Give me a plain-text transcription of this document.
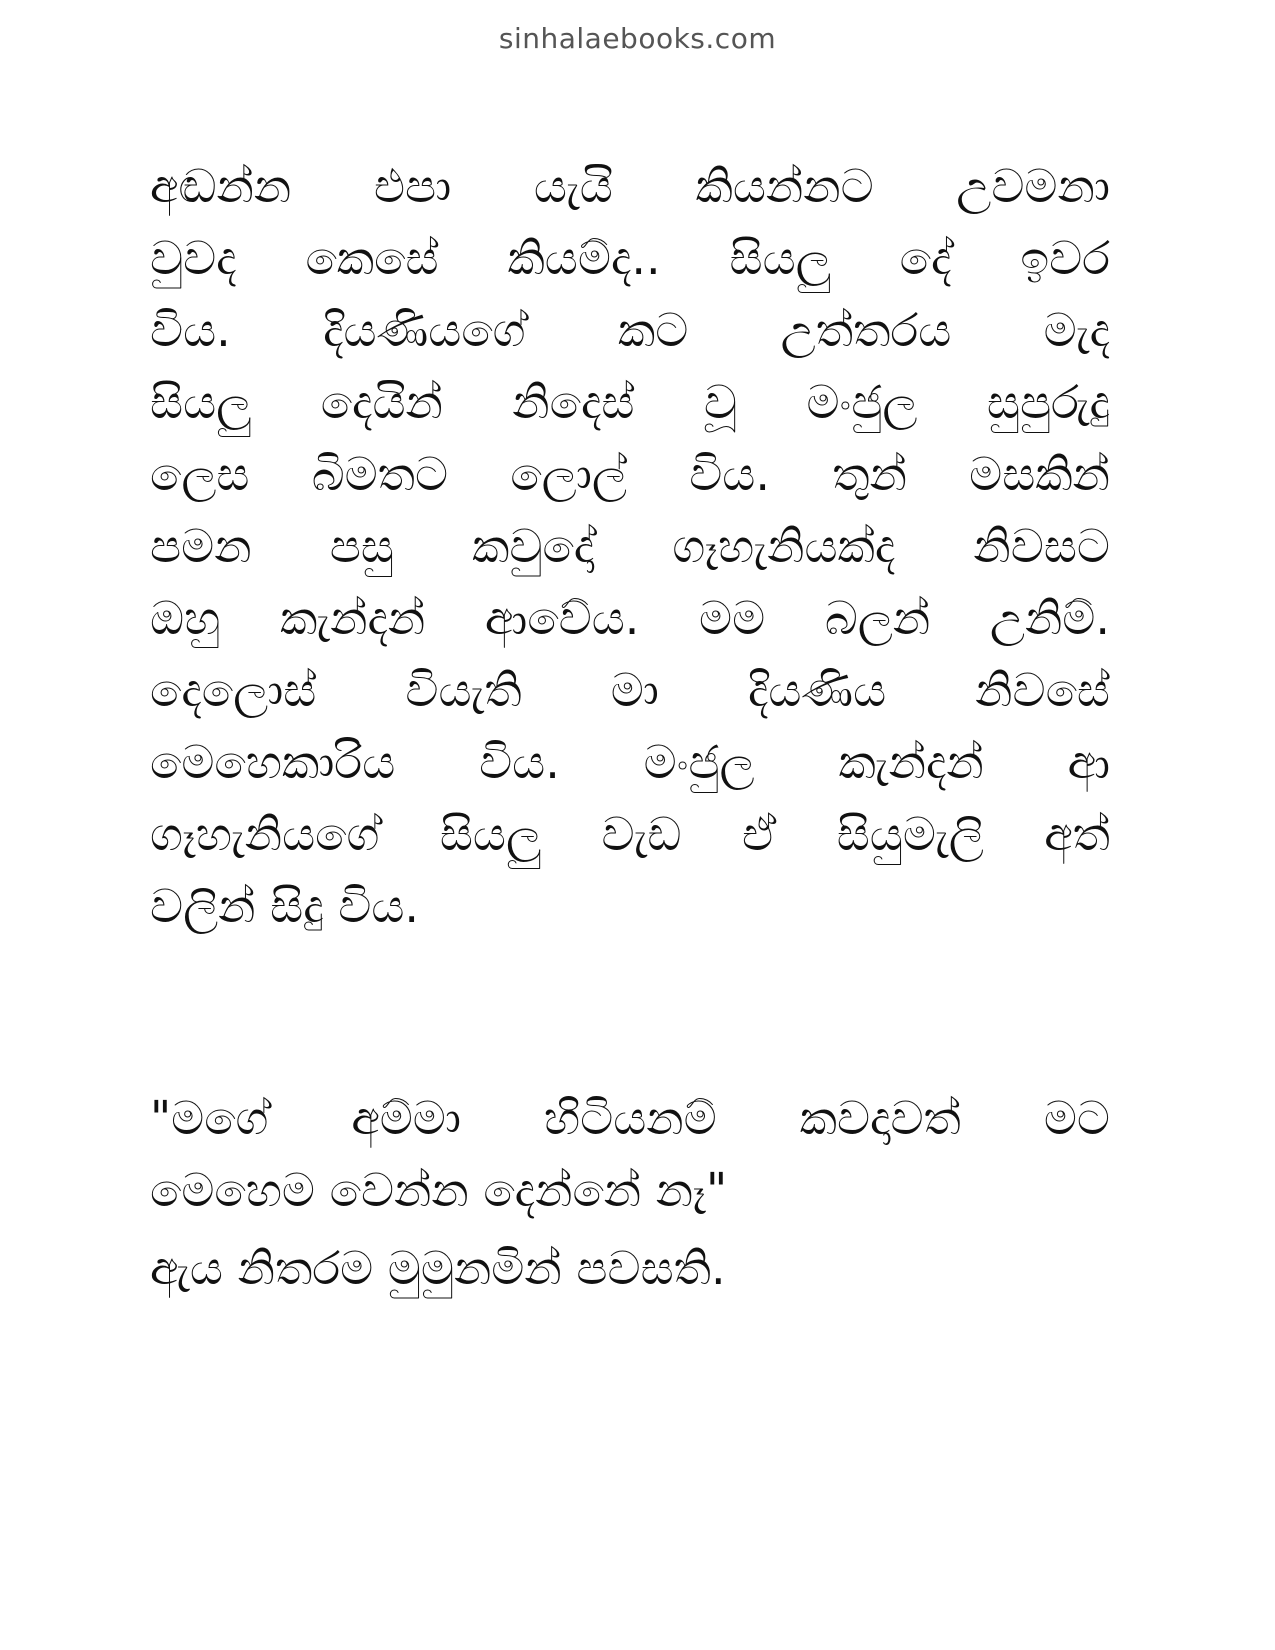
sinhalaebooks.com
අඬන්න එපා යැයි කියන්නට උවමනා
වුවද කෙසේ කියම්ද.. සියලු දේ ඉවර
විය. දියණියගේ කට උත්තරය මැද
සියලු දෙයින් නිදෙස් වූ මංජුල සුපුරුදු
ලෙස බිමතට ලොල් විය. තුන් මසකින්
පමන පසු කවුදෝ ගෑහැනියක්ද නිවසට
ඔහු කැන්දන් ආවේය. මම බලන් උනිම්.
දෙලොස් වියැති මා දියණිය නිවසේ
මෙහෙකාරිය විය. මංජුල කැන්දන් ආ
ගෑහැනියගේ සියලු වැඩ ඒ සියුමැලි අත්
වලින් සිදු විය.
"මගේ අම්මා හිටියනම් කවදාවත් මට
මෙහෙම වෙන්න දෙන්නේ නෑ"
ඇය නිතරම මුමුනමින් පවසති.
